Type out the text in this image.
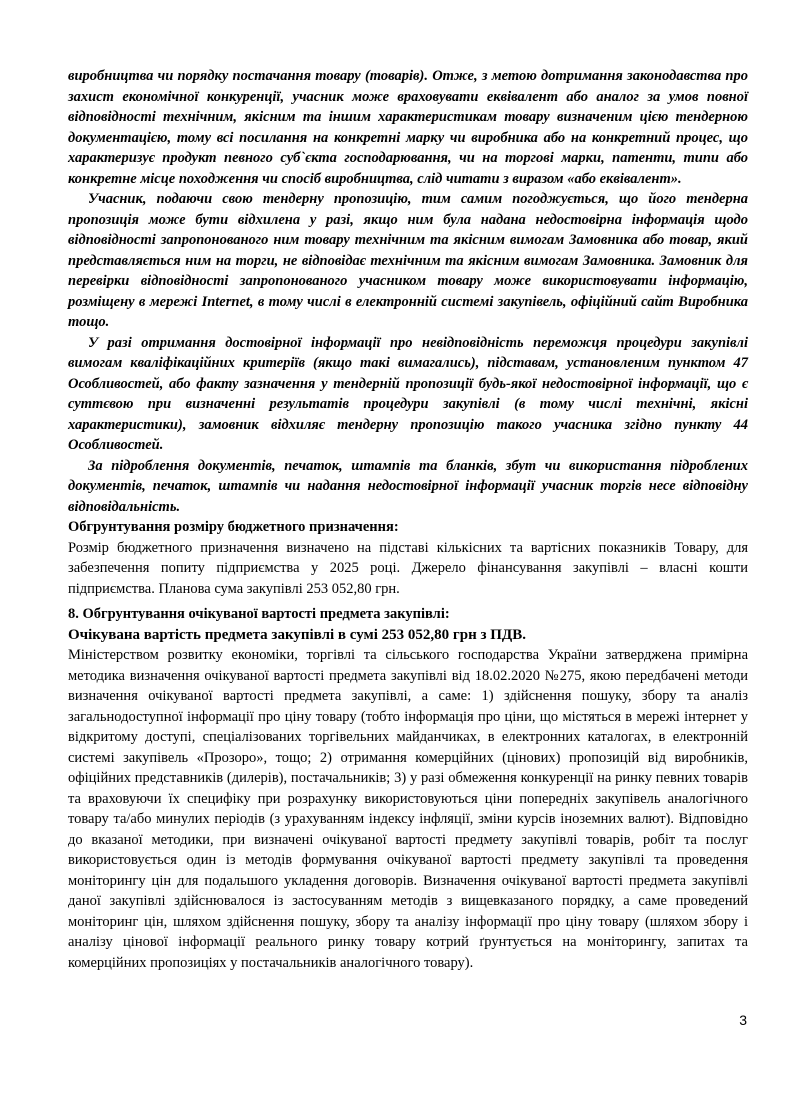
виробництва чи порядку постачання товару (товарів). Отже, з метою дотримання законодавства про захист економічної конкуренції, учасник може враховувати еквівалент або аналог за умов повної відповідності технічним, якісним та іншим характеристикам товару визначеним цією тендерною документацією, тому всі посилання на конкретні марку чи виробника або на конкретний процес, що характеризує продукт певного суб`єкта господарювання, чи на торгові марки, патенти, типи або конкретне місце походження чи спосіб виробництва, слід читати з виразом «або еквівалент».

Учасник, подаючи свою тендерну пропозицію, тим самим погоджується, що його тендерна пропозиція може бути відхилена у разі, якщо ним була надана недостовірна інформація щодо відповідності запропонованого ним товару технічним та якісним вимогам Замовника або товар, який представляється ним на торги, не відповідає технічним та якісним вимогам Замовника. Замовник для перевірки відповідності запропонованого учасником товару може використовувати інформацію, розміщену в мережі Internet, в тому числі в електронній системі закупівель, офіційний сайт Виробника тощо.

У разі отримання достовірної інформації про невідповідність переможця процедури закупівлі вимогам кваліфікаційних критеріїв (якщо такі вимагались), підставам, установленим пунктом 47 Особливостей, або факту зазначення у тендерній пропозиції будь-якої недостовірної інформації, що є суттєвою при визначенні результатів процедури закупівлі (в тому числі технічні, якісні характеристики), замовник відхиляє тендерну пропозицію такого учасника згідно пункту 44 Особливостей.

За підроблення документів, печаток, штампів та бланків, збут чи використання підроблених документів, печаток, штампів чи надання недостовірної інформації учасник торгів несе відповідну відповідальність.

Обгрунтування розміру бюджетного призначення:

Розмір бюджетного призначення визначено на підставі кількісних та вартісних показників Товару, для забезпечення попиту підприємства у 2025 році. Джерело фінансування закупівлі – власні кошти підприємства. Планова сума закупівлі 253 052,80 грн.

8. Обгрунтування очікуваної вартості предмета закупівлі:

Очікувана вартість предмета закупівлі в сумі 253 052,80 грн з ПДВ.

Міністерством розвитку економіки, торгівлі та сільського господарства України затверджена примірна методика визначення очікуваної вартості предмета закупівлі від 18.02.2020 №275, якою передбачені методи визначення очікуваної вартості предмета закупівлі, а саме: 1) здійснення пошуку, збору та аналіз загальнодоступної інформації про ціну товару (тобто інформація про ціни, що містяться в мережі інтернет у відкритому доступі, спеціалізованих торгівельних майданчиках, в електронних каталогах, в електронній системі закупівель «Прозоро», тощо; 2) отримання комерційних (цінових) пропозицій від виробників, офіційних представників (дилерів), постачальників; 3) у разі обмеження конкуренції на ринку певних товарів та враховуючи їх специфіку при розрахунку використовуються ціни попередніх закупівель аналогічного товару та/або минулих періодів (з урахуванням індексу інфляції, зміни курсів іноземних валют). Відповідно до вказаної методики, при визначені очікуваної вартості предмету закупівлі товарів, робіт та послуг використовується один із методів формування очікуваної вартості предмету закупівлі та проведення моніторингу цін для подальшого укладення договорів. Визначення очікуваної вартості предмета закупівлі даної закупівлі здійснювалося із застосуванням методів з вищевказаного порядку, а саме проведений моніторинг цін, шляхом здійснення пошуку, збору та аналізу інформації про ціну товару (шляхом збору і аналізу цінової інформації реального ринку товару котрий ґрунтується на моніторингу, запитах та комерційних пропозиціях у постачальників аналогічного товару).

3
